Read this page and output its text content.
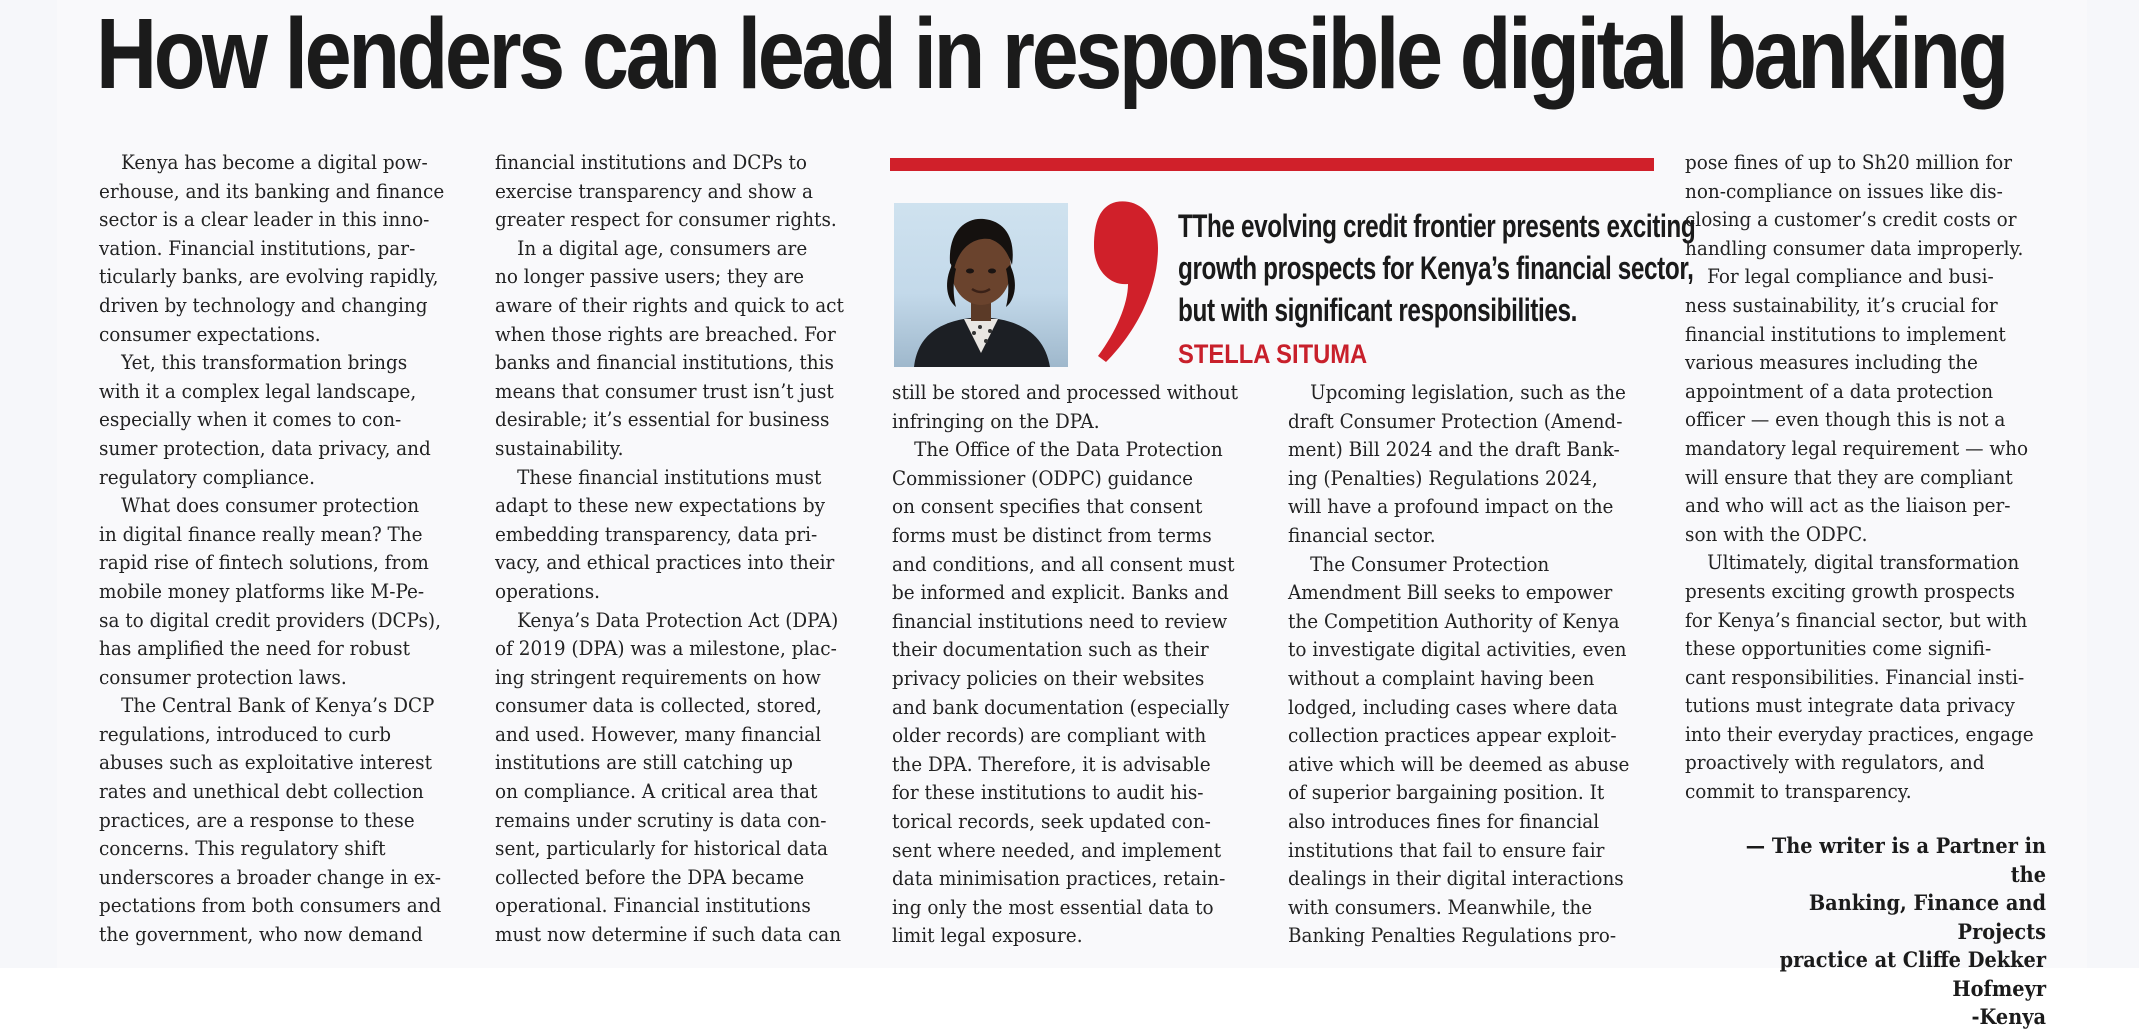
How lenders can lead in responsible digital banking

Kenya has become a digital pow-
erhouse, and its banking and finance
sector is a clear leader in this inno-
vation. Financial institutions, par-
ticularly banks, are evolving rapidly,
driven by technology and changing
consumer expectations.

Yet, this transformation brings
with it a complex legal landscape,
especially when it comes to con-
sumer protection, data privacy, and
regulatory compliance.

What does consumer protection
in digital finance really mean? The
rapid rise of fintech solutions, from
mobile money platforms like M-Pe-
sa to digital credit providers (DCPs),
has amplified the need for robust
consumer protection laws.

The Central Bank of Kenya’s DCP
regulations, introduced to curb
abuses such as exploitative interest
rates and unethical debt collection
practices, are a response to these
concerns. This regulatory shift
underscores a broader change in ex-
pectations from both consumers and
the government, who now demand

financial institutions and DCPs to
exercise transparency and show a
greater respect for consumer rights.

In a digital age, consumers are
no longer passive users; they are
aware of their rights and quick to act
when those rights are breached. For
banks and financial institutions, this
means that consumer trust isn’t just
desirable; it’s essential for business
sustainability.

These financial institutions must
adapt to these new expectations by
embedding transparency, data pri-
vacy, and ethical practices into their
operations.

Kenya’s Data Protection Act (DPA)
of 2019 (DPA) was a milestone, plac-
ing stringent requirements on how
consumer data is collected, stored,
and used. However, many financial
institutions are still catching up
on compliance. A critical area that
remains under scrutiny is data con-
sent, particularly for historical data
collected before the DPA became
operational. Financial institutions
must now determine if such data can

TThe evolving credit frontier presents exciting
growth prospects for Kenya’s financial sector,
but with significant responsibilities.
STELLA SITUMA

still be stored and processed without
infringing on the DPA.

The Office of the Data Protection
Commissioner (ODPC) guidance
on consent specifies that consent
forms must be distinct from terms
and conditions, and all consent must
be informed and explicit. Banks and
financial institutions need to review
their documentation such as their
privacy policies on their websites
and bank documentation (especially
older records) are compliant with
the DPA. Therefore, it is advisable
for these institutions to audit his-
torical records, seek updated con-
sent where needed, and implement
data minimisation practices, retain-
ing only the most essential data to
limit legal exposure.

Upcoming legislation, such as the
draft Consumer Protection (Amend-
ment) Bill 2024 and the draft Bank-
ing (Penalties) Regulations 2024,
will have a profound impact on the
financial sector.

The Consumer Protection
Amendment Bill seeks to empower
the Competition Authority of Kenya
to investigate digital activities, even
without a complaint having been
lodged, including cases where data
collection practices appear exploit-
ative which will be deemed as abuse
of superior bargaining position. It
also introduces fines for financial
institutions that fail to ensure fair
dealings in their digital interactions
with consumers. Meanwhile, the
Banking Penalties Regulations pro-

pose fines of up to Sh20 million for
non-compliance on issues like dis-
closing a customer’s credit costs or
handling consumer data improperly.

For legal compliance and busi-
ness sustainability, it’s crucial for
financial institutions to implement
various measures including the
appointment of a data protection
officer — even though this is not a
mandatory legal requirement — who
will ensure that they are compliant
and who will act as the liaison per-
son with the ODPC.

Ultimately, digital transformation
presents exciting growth prospects
for Kenya’s financial sector, but with
these opportunities come signifi-
cant responsibilities. Financial insti-
tutions must integrate data privacy
into their everyday practices, engage
proactively with regulators, and
commit to transparency.

— The writer is a Partner in the
Banking, Finance and Projects
practice at Cliffe Dekker Hofmeyr
-Kenya
